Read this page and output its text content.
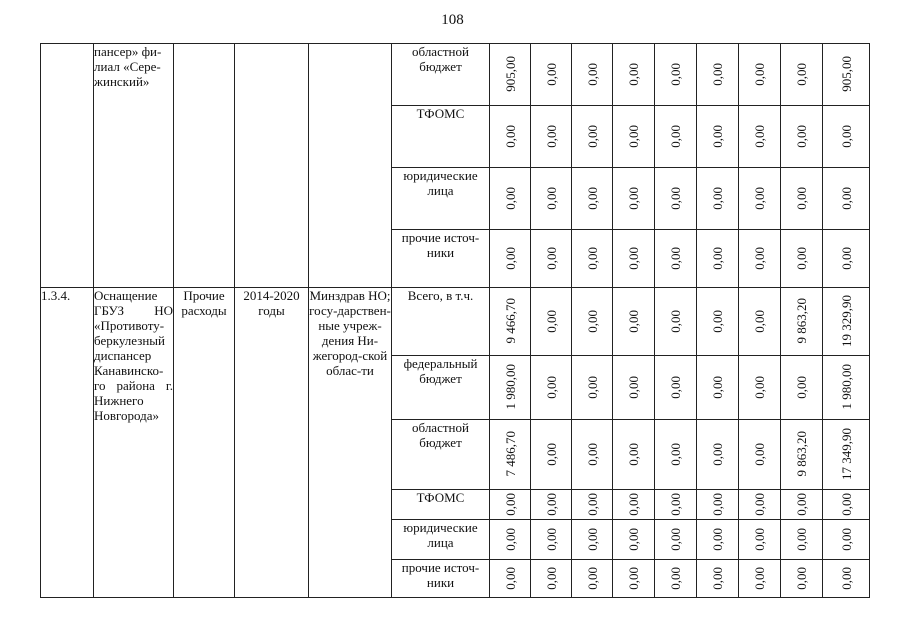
108
	пансер» фи-
лиал «Сере-
жинский»				областной бюджет	905,00	0,00	0,00	0,00	0,00	0,00	0,00	0,00	905,00

					ТФОМС	0,00	0,00	0,00	0,00	0,00	0,00	0,00	0,00	0,00

					юридические лица	0,00	0,00	0,00	0,00	0,00	0,00	0,00	0,00	0,00

					прочие источ-ники	0,00	0,00	0,00	0,00	0,00	0,00	0,00	0,00	0,00

1.3.4.	Оснащение ГБУЗ НО «Противоту-беркулезный диспансер Канавинско-го района г. Нижнего Новгорода»	Прочие расходы	2014-2020 годы	Минздрав НО; госу-дарствен-ные учреж-дения Ни-жегород-ской облас-ти	Всего, в т.ч.	9 466,70	0,00	0,00	0,00	0,00	0,00	0,00	9 863,20	19 329,90

					федеральный бюджет	1 980,00	0,00	0,00	0,00	0,00	0,00	0,00	0,00	1 980,00

					областной бюджет	7 486,70	0,00	0,00	0,00	0,00	0,00	0,00	9 863,20	17 349,90

					ТФОМС	0,00	0,00	0,00	0,00	0,00	0,00	0,00	0,00	0,00

					юридические лица	0,00	0,00	0,00	0,00	0,00	0,00	0,00	0,00	0,00

					прочие источ-ники	0,00	0,00	0,00	0,00	0,00	0,00	0,00	0,00	0,00
